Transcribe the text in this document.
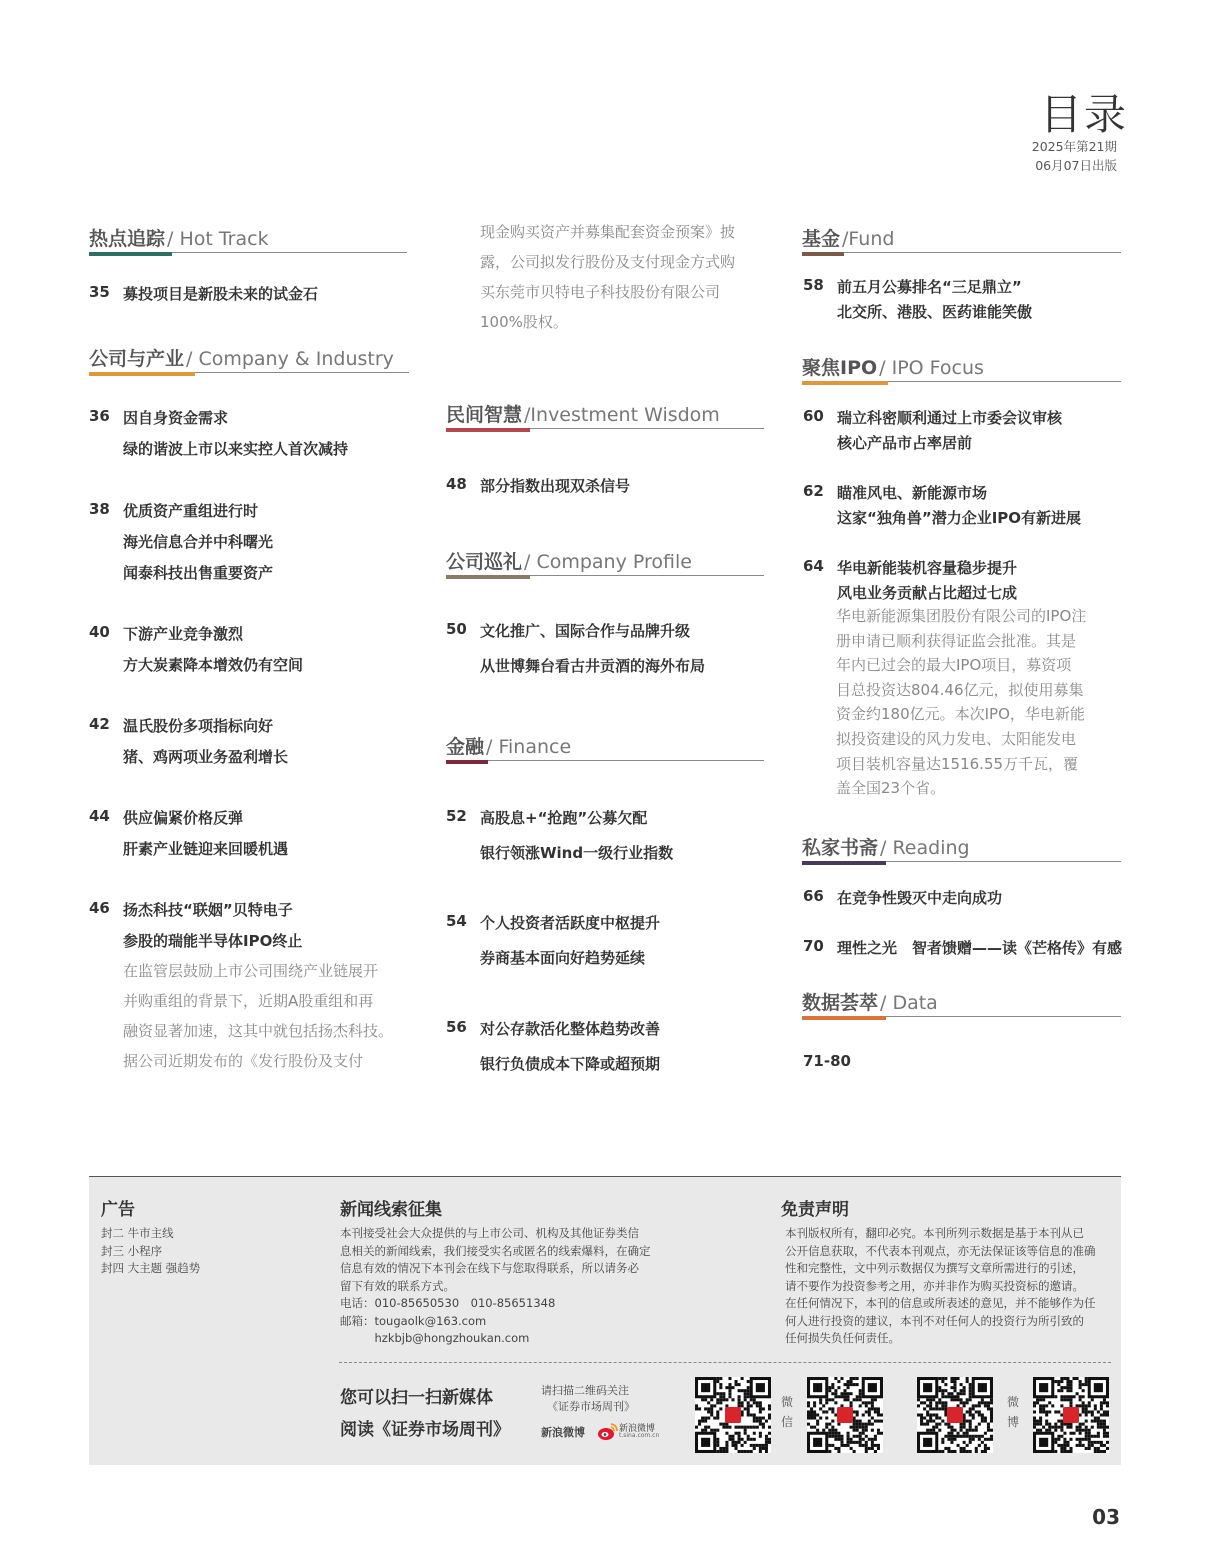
目录
2025年第21期
06月07日出版
热点追踪 / Hot Track
35 募投项目是新股未来的试金石
公司与产业 / Company & Industry
36 因自身资金需求
绿的谐波上市以来实控人首次减持
38 优质资产重组进行时
海光信息合并中科曙光
闻泰科技出售重要资产
40 下游产业竞争激烈
方大炭素降本增效仍有空间
42 温氏股份多项指标向好
猪、鸡两项业务盈利增长
44 供应偏紧价格反弹
肝素产业链迎来回暖机遇
46 扬杰科技“联姻”贝特电子
参股的瑞能半导体IPO终止
在监管层鼓励上市公司围绕产业链展开
并购重组的背景下，近期A股重组和再
融资显著加速，这其中就包括扬杰科技。
据公司近期发布的《发行股份及支付
现金购买资产并募集配套资金预案》披
露，公司拟发行股份及支付现金方式购
买东莞市贝特电子科技股份有限公司
100%股权。
民间智慧 /Investment Wisdom
48 部分指数出现双杀信号
公司巡礼 / Company Profile
50 文化推广、国际合作与品牌升级
从世博舞台看古井贡酒的海外布局
金融 / Finance
52 高股息+“抢跑”公募欠配
银行领涨Wind一级行业指数
54 个人投资者活跃度中枢提升
券商基本面向好趋势延续
56 对公存款活化整体趋势改善
银行负债成本下降或超预期
基金 /Fund
58 前五月公募排名“三足鼎立”
北交所、港股、医药谁能笑傲
聚焦IPO / IPO Focus
60 瑞立科密顺利通过上市委会议审核
核心产品市占率居前
62 瞄准风电、新能源市场
这家“独角兽”潜力企业IPO有新进展
64 华电新能装机容量稳步提升
风电业务贡献占比超过七成
华电新能源集团股份有限公司的IPO注
册申请已顺利获得证监会批准。其是
年内已过会的最大IPO项目，募资项
目总投资达804.46亿元，拟使用募集
资金约180亿元。本次IPO，华电新能
拟投资建设的风力发电、太阳能发电
项目装机容量达1516.55万千瓦，覆
盖全国23个省。
私家书斋 / Reading
66 在竞争性毁灭中走向成功
70 理性之光　智者馈赠——读《芒格传》有感
数据荟萃 / Data
71-80
广告
封二 牛市主线
封三 小程序
封四 大主题 强趋势
新闻线索征集
本刊接受社会大众提供的与上市公司、机构及其他证券类信
息相关的新闻线索，我们接受实名或匿名的线索爆料，在确定
信息有效的情况下本刊会在线下与您取得联系，所以请务必
留下有效的联系方式。
电话：010-85650530　010-85651348
邮箱：tougaolk@163.com
　　　hzkbjb@hongzhoukan.com
免责声明
本刊版权所有，翻印必究。本刊所列示数据是基于本刊从已
公开信息获取，不代表本刊观点，亦无法保证该等信息的准确
性和完整性，文中列示数据仅为撰写文章所需进行的引述，
请不要作为投资参考之用，亦并非作为购买投资标的邀请。
在任何情况下，本刊的信息或所表述的意见，并不能够作为任
何人进行投资的建议，本刊不对任何人的投资行为所引致的
任何损失负任何责任。
您可以扫一扫新媒体
阅读《证券市场周刊》
请扫描二维码关注
《证券市场周刊》
新浪微博	新浪微博
t.sina.com.cn
微
信
微
博
03
